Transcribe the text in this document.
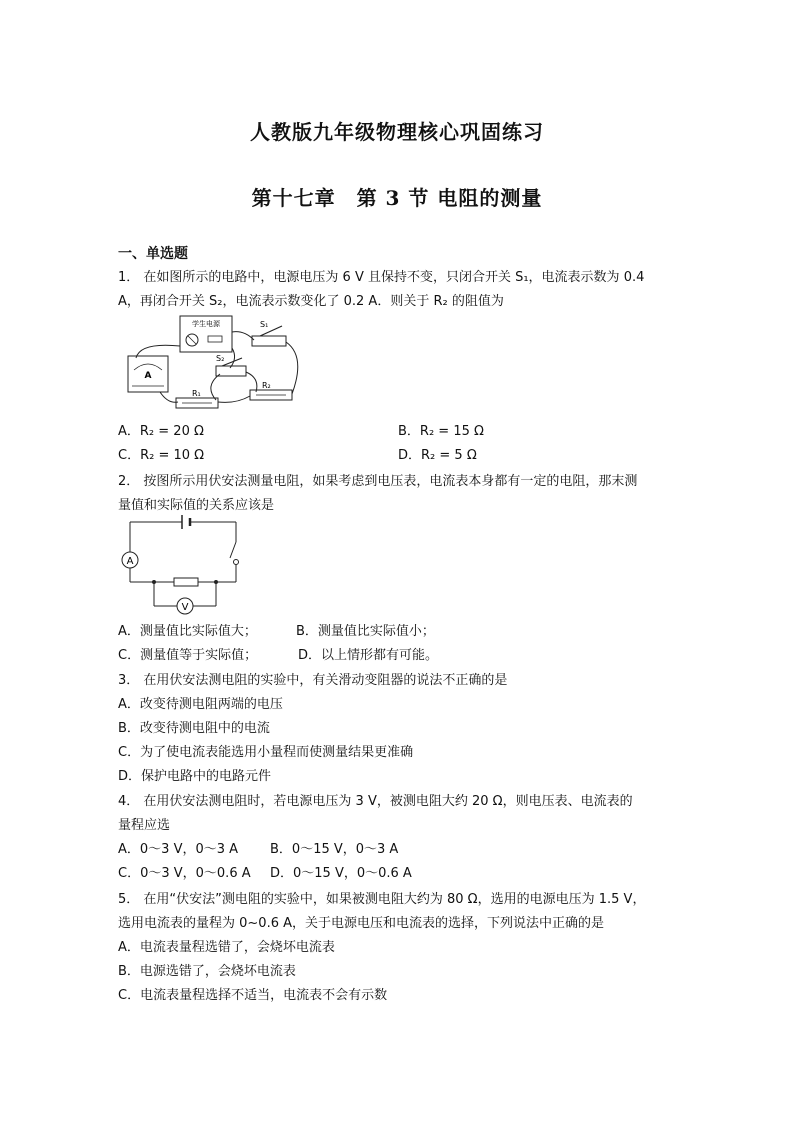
人教版九年级物理核心巩固练习
第十七章　第 3 节 电阻的测量
一、单选题
1． 在如图所示的电路中，电源电压为 6 V 且保持不变，只闭合开关 S₁，电流表示数为 0.4
A，再闭合开关 S₂，电流表示数变化了 0.2 A．则关于 R₂ 的阻值为
学生电源	S₁
S₂
A
R₁
R₂
A．R₂ = 20 Ω	B．R₂ = 15 Ω
C．R₂ = 10 Ω	D．R₂ = 5 Ω
2． 按图所示用伏安法测量电阻，如果考虑到电压表，电流表本身都有一定的电阻，那末测
量值和实际值的关系应该是
A
V
A．测量值比实际值大；	B．测量值比实际值小；
C．测量值等于实际值；	D．以上情形都有可能。
3． 在用伏安法测电阻的实验中，有关滑动变阻器的说法不正确的是
A．改变待测电阻两端的电压
B．改变待测电阻中的电流
C．为了使电流表能选用小量程而使测量结果更准确
D．保护电路中的电路元件
4． 在用伏安法测电阻时，若电源电压为 3 V，被测电阻大约 20 Ω，则电压表、电流表的
量程应选
A．0～3 V，0～3 A B．0～15 V，0～3 A
C．0～3 V，0～0.6 A D．0～15 V，0～0.6 A
5． 在用“伏安法”测电阻的实验中，如果被测电阻大约为 80 Ω，选用的电源电压为 1.5 V，
选用电流表的量程为 0~0.6 A，关于电源电压和电流表的选择，下列说法中正确的是
A．电流表量程选错了，会烧坏电流表
B．电源选错了，会烧坏电流表
C．电流表量程选择不适当，电流表不会有示数
